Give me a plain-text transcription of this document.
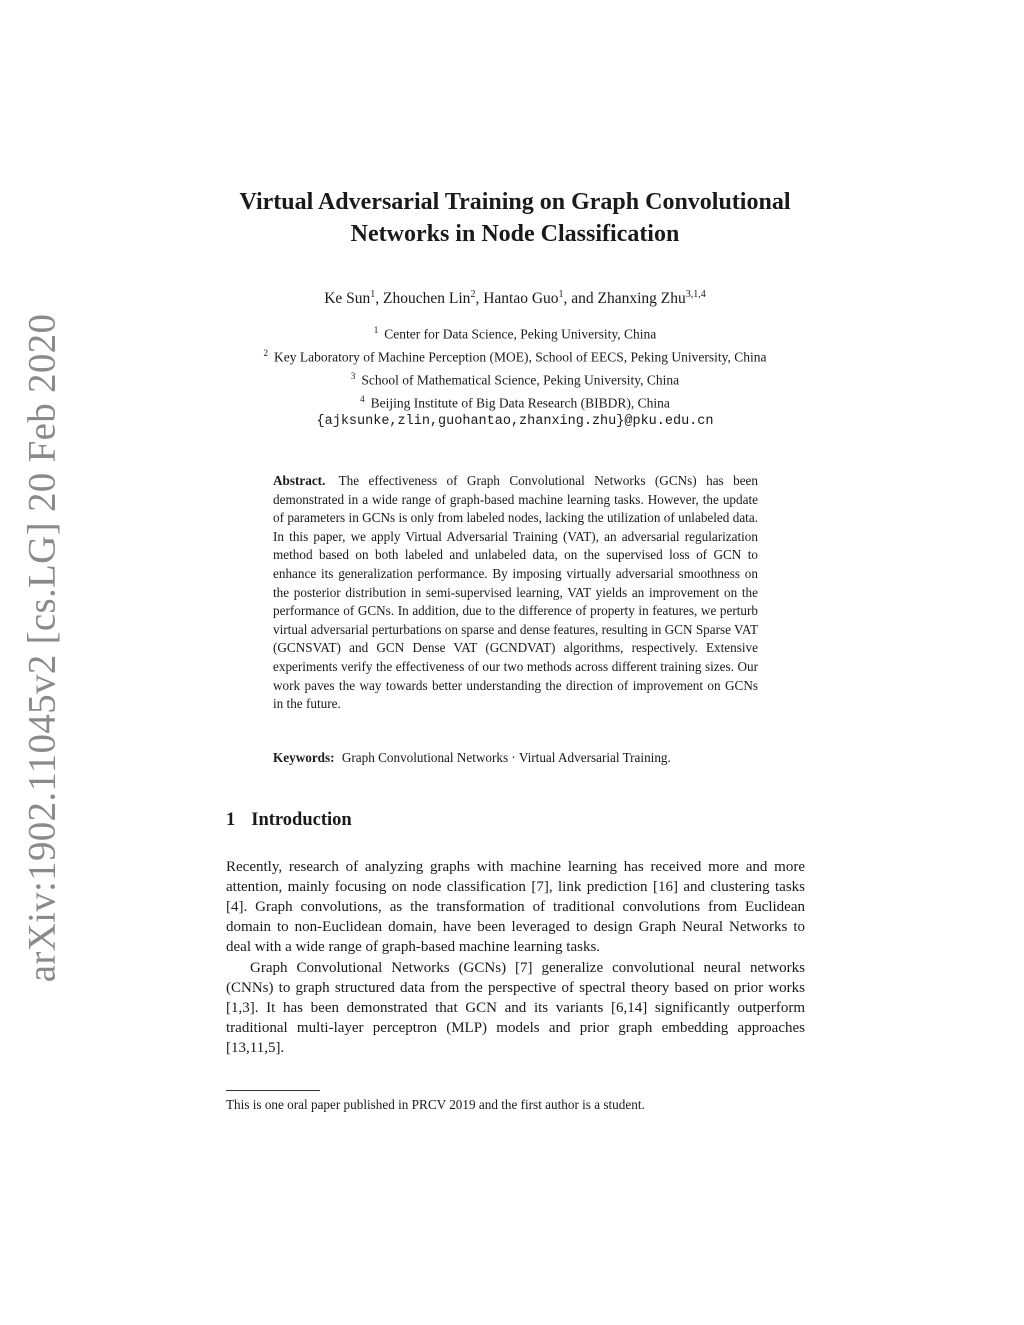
arXiv:1902.11045v2 [cs.LG] 20 Feb 2020
Virtual Adversarial Training on Graph Convolutional
Networks in Node Classification
Ke Sun$^1$, Zhouchen Lin$^2$, Hantao Guo$^1$, and Zhanxing Zhu$^{3,1,4}$
$^1$ Center for Data Science, Peking University, China
$^2$ Key Laboratory of Machine Perception (MOE), School of EECS, Peking University, China
$^3$ School of Mathematical Science, Peking University, China
$^4$ Beijing Institute of Big Data Research (BIBDR), China
{ajksunke,zlin,guohantao,zhanxing.zhu}@pku.edu.cn
Abstract. The effectiveness of Graph Convolutional Networks (GCNs) has been demonstrated in a wide range of graph-based machine learning tasks. However, the update of parameters in GCNs is only from labeled nodes, lacking the utilization of unlabeled data. In this paper, we apply Virtual Adversarial Training (VAT), an adversarial regularization method based on both labeled and unlabeled data, on the supervised loss of GCN to enhance its generalization performance. By imposing virtually adversarial smoothness on the posterior distribution in semi-supervised learning, VAT yields an improvement on the performance of GCNs. In addition, due to the difference of property in features, we perturb virtual adversarial perturbations on sparse and dense features, resulting in GCN Sparse VAT (GCNSVAT) and GCN Dense VAT (GCNDVAT) algorithms, respectively. Extensive experiments verify the effectiveness of our two methods across different training sizes. Our work paves the way towards better understanding the direction of improvement on GCNs in the future.
Keywords: Graph Convolutional Networks · Virtual Adversarial Training.
1 Introduction

Recently, research of analyzing graphs with machine learning has received more and more attention, mainly focusing on node classification [7], link prediction [16] and clustering tasks [4]. Graph convolutions, as the transformation of traditional convolutions from Euclidean domain to non-Euclidean domain, have been leveraged to design Graph Neural Networks to deal with a wide range of graph-based machine learning tasks.

Graph Convolutional Networks (GCNs) [7] generalize convolutional neural networks (CNNs) to graph structured data from the perspective of spectral theory based on prior works [1,3]. It has been demonstrated that GCN and its variants [6,14] significantly outperform traditional multi-layer perceptron (MLP) models and prior graph embedding approaches [13,11,5].

This is one oral paper published in PRCV 2019 and the first author is a student.
